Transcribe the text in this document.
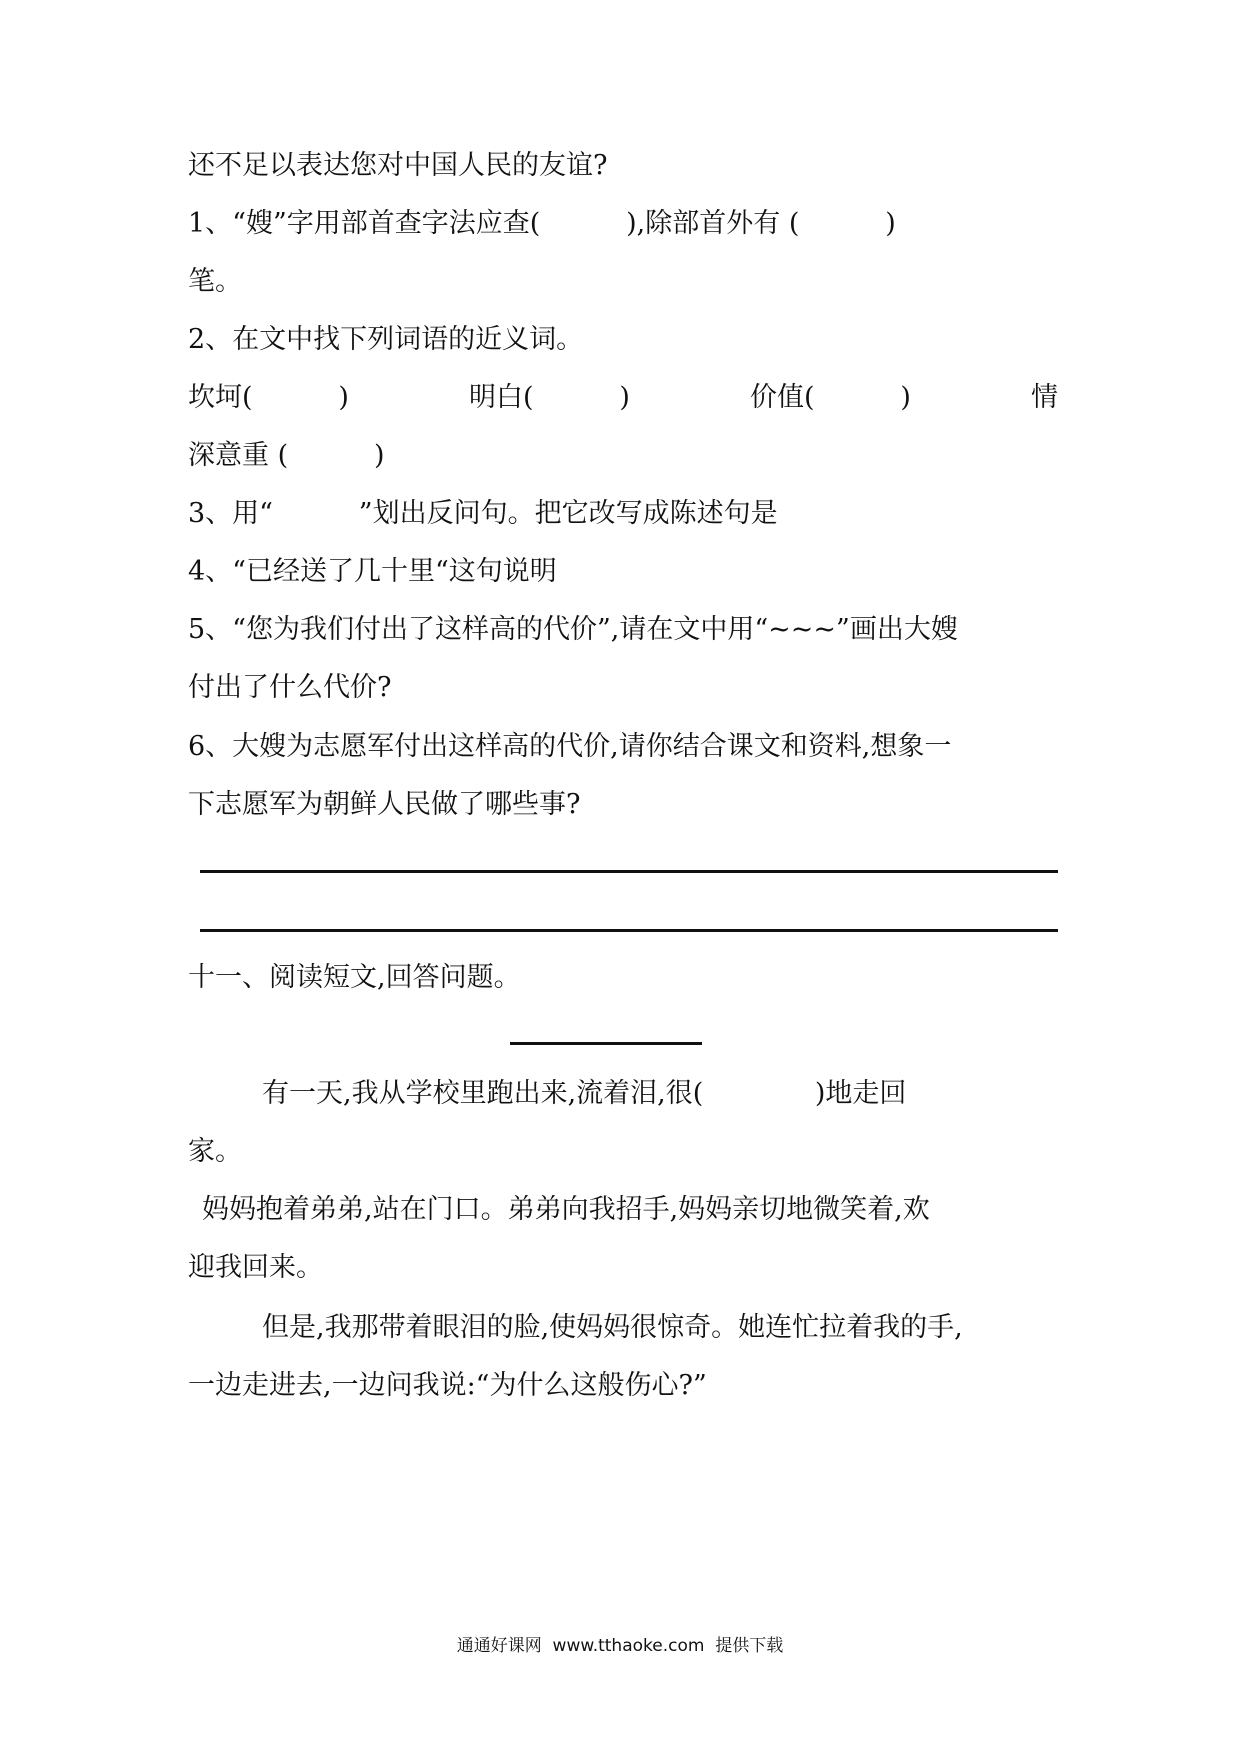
还不足以表达您对中国人民的友谊?
1、“嫂”字用部首查字法应查(          ),除部首外有 (          )
笔。
2、在文中找下列词语的近义词。
坎坷(          )	明白(          )	价值(          )	情
深意重 (          )
3、用“          ”划出反问句。把它改写成陈述句是
4、“已经送了几十里“这句说明
5、“您为我们付出了这样高的代价”,请在文中用“~~~”画出大嫂
付出了什么代价?
6、大嫂为志愿军付出这样高的代价,请你结合课文和资料,想象一
下志愿军为朝鲜人民做了哪些事?
十一、阅读短文,回答问题。
有一天,我从学校里跑出来,流着泪,很(             )地走回
家。
妈妈抱着弟弟,站在门口。弟弟向我招手,妈妈亲切地微笑着,欢
迎我回来。
但是,我那带着眼泪的脸,使妈妈很惊奇。她连忙拉着我的手,
一边走进去,一边问我说:“为什么这般伤心?”
通通好课网  www.tthaoke.com  提供下载
